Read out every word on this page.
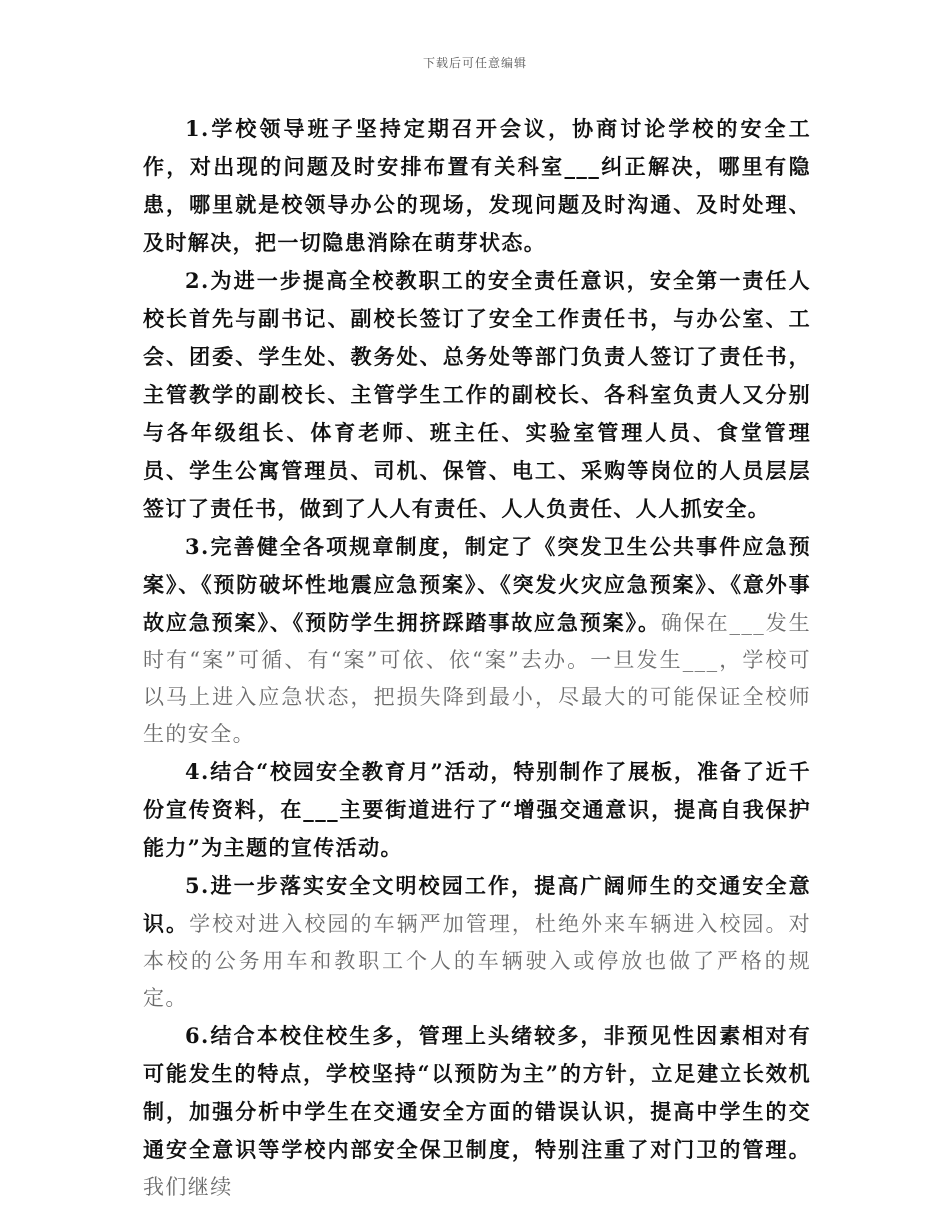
下载后可任意编辑

1.学校领导班子坚持定期召开会议，协商讨论学校的安全工作，对出现的问题及时安排布置有关科室___纠正解决，哪里有隐患，哪里就是校领导办公的现场，发现问题及时沟通、及时处理、及时解决，把一切隐患消除在萌芽状态。

2.为进一步提高全校教职工的安全责任意识，安全第一责任人校长首先与副书记、副校长签订了安全工作责任书，与办公室、工会、团委、学生处、教务处、总务处等部门负责人签订了责任书，主管教学的副校长、主管学生工作的副校长、各科室负责人又分别与各年级组长、体育老师、班主任、实验室管理人员、食堂管理员、学生公寓管理员、司机、保管、电工、采购等岗位的人员层层签订了责任书，做到了人人有责任、人人负责任、人人抓安全。

3.完善健全各项规章制度，制定了《突发卫生公共事件应急预案》、《预防破坏性地震应急预案》、《突发火灾应急预案》、《意外事故应急预案》、《预防学生拥挤踩踏事故应急预案》。确保在___发生时有“案”可循、有“案”可依、依“案”去办。一旦发生___，学校可以马上进入应急状态，把损失降到最小，尽最大的可能保证全校师生的安全。

4.结合“校园安全教育月”活动，特别制作了展板，准备了近千份宣传资料，在___主要街道进行了“增强交通意识，提高自我保护能力”为主题的宣传活动。

5.进一步落实安全文明校园工作，提高广阔师生的交通安全意识。学校对进入校园的车辆严加管理，杜绝外来车辆进入校园。对本校的公务用车和教职工个人的车辆驶入或停放也做了严格的规定。

6.结合本校住校生多，管理上头绪较多，非预见性因素相对有可能发生的特点，学校坚持“以预防为主”的方针，立足建立长效机制，加强分析中学生在交通安全方面的错误认识，提高中学生的交通安全意识等学校内部安全保卫制度，特别注重了对门卫的管理。我们继续
